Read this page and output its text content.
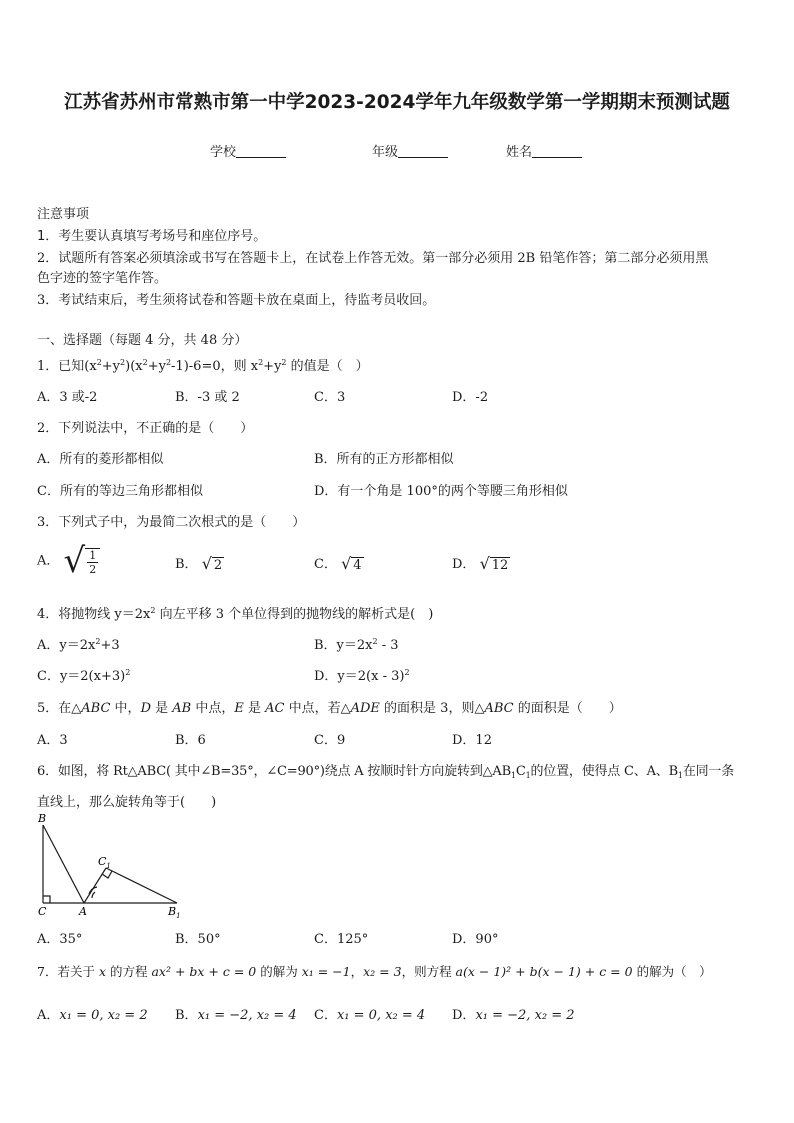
江苏省苏州市常熟市第一中学2023-2024学年九年级数学第一学期期末预测试题
学校	年级	姓名
注意事项
1．考生要认真填写考场号和座位序号。
2．试题所有答案必须填涂或书写在答题卡上，在试卷上作答无效。第一部分必须用 2B 铅笔作答；第二部分必须用黑
色字迹的签字笔作答。
3．考试结束后，考生须将试卷和答题卡放在桌面上，待监考员收回。
一、选择题（每题 4 分，共 48 分）
1．已知$(x^2+y^2)(x^2+y^2-1)-6=0$，则 $x^2+y^2$ 的值是（　）
A．3 或-2	B．-3 或 2	C．3	D．-2
2．下列说法中，不正确的是（　　）
A．所有的菱形都相似	B．所有的正方形都相似
C．所有的等边三角形都相似	D．有一个角是 100°的两个等腰三角形相似
3．下列式子中，为最简二次根式的是（　　）
A． √ $\frac{1}{2}$	B． √ 2	C． √ 4	D． √ 12
4．将抛物线 $y=2x^2$ 向左平移 3 个单位得到的抛物线的解析式是(　)
A．$y=2x^2+3$	B．$y=2x^2 - 3$
C．$y=2(x+3)^2$	D．y＝2(x - 3)$^2$
5．在△ABC 中，D 是 AB 中点，E 是 AC 中点，若△ADE 的面积是 3，则△ABC 的面积是（　　）
A．3	B．6	C．9	D．12
6．如图，将 Rt△ABC( 其中∠B=35°，∠C=90°)绕点 A 按顺时针方向旋转到$\triangle AB_1C_1$的位置，使得点 C、A、$B_1$在同一条
直线上，那么旋转角等于(　　)
B
C	A
$C_1$
$B_1$
A．35°	B．50°	C．125°	D．90°
7．若关于 x 的方程 ax² + bx + c = 0 的解为 x₁ = −1，x₂ = 3，则方程 a(x − 1)² + b(x − 1) + c = 0 的解为（　）
A．x₁ = 0, x₂ = 2 B．x₁ = −2, x₂ = 4 C．x₁ = 0, x₂ = 4 D．x₁ = −2, x₂ = 2
